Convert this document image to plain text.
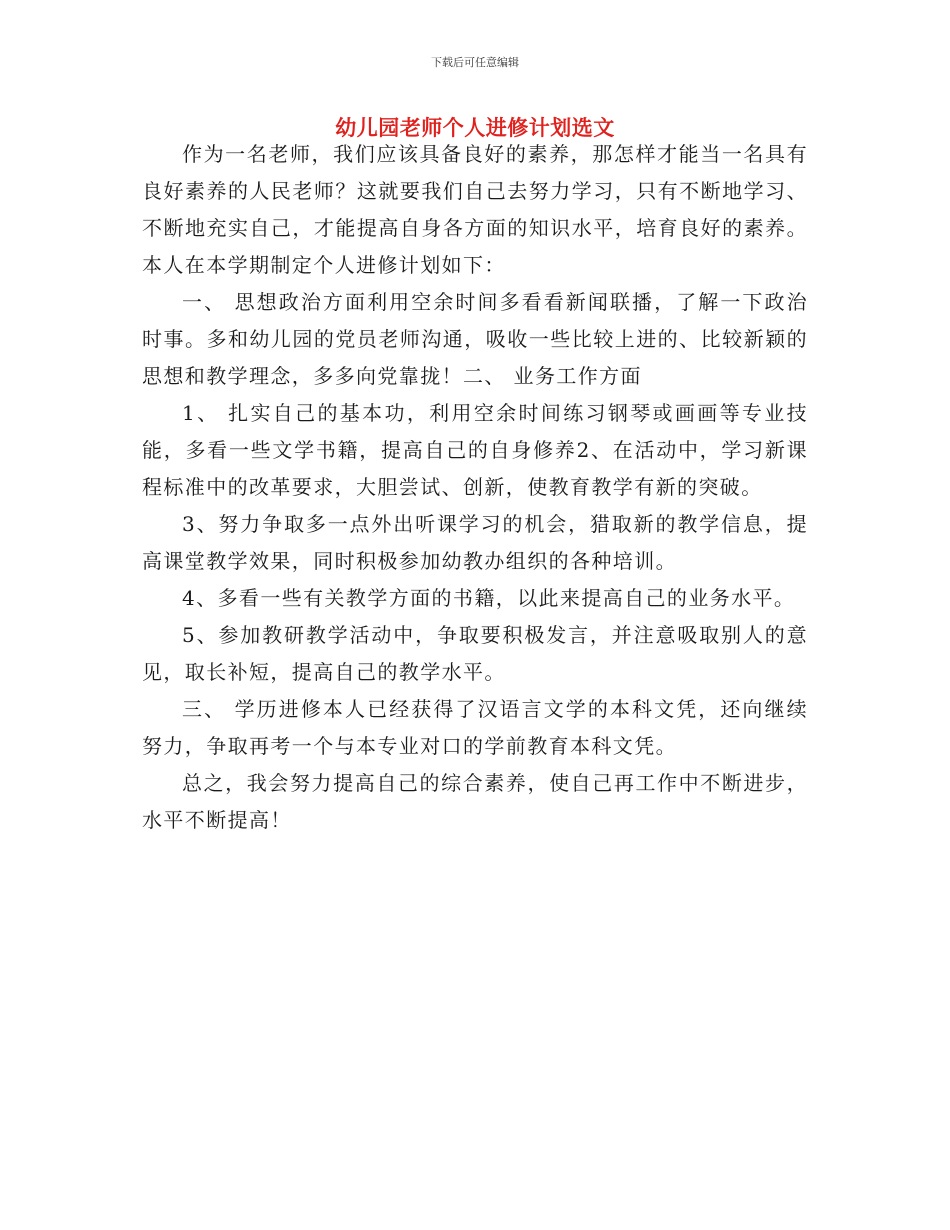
下载后可任意编辑
幼儿园老师个人进修计划选文

作为一名老师，我们应该具备良好的素养，那怎样才能当一名具有良好素养的人民老师？这就要我们自己去努力学习，只有不断地学习、不断地充实自己，才能提高自身各方面的知识水平，培育良好的素养。本人在本学期制定个人进修计划如下：

一、 思想政治方面利用空余时间多看看新闻联播，了解一下政治时事。多和幼儿园的党员老师沟通，吸收一些比较上进的、比较新颖的思想和教学理念，多多向党靠拢！二、 业务工作方面

1、 扎实自己的基本功，利用空余时间练习钢琴或画画等专业技能，多看一些文学书籍，提高自己的自身修养2、在活动中，学习新课程标准中的改革要求，大胆尝试、创新，使教育教学有新的突破。

3、努力争取多一点外出听课学习的机会，猎取新的教学信息，提高课堂教学效果，同时积极参加幼教办组织的各种培训。

4、多看一些有关教学方面的书籍，以此来提高自己的业务水平。

5、参加教研教学活动中，争取要积极发言，并注意吸取别人的意见，取长补短，提高自己的教学水平。

三、 学历进修本人已经获得了汉语言文学的本科文凭，还向继续努力，争取再考一个与本专业对口的学前教育本科文凭。

总之，我会努力提高自己的综合素养，使自己再工作中不断进步，水平不断提高！
